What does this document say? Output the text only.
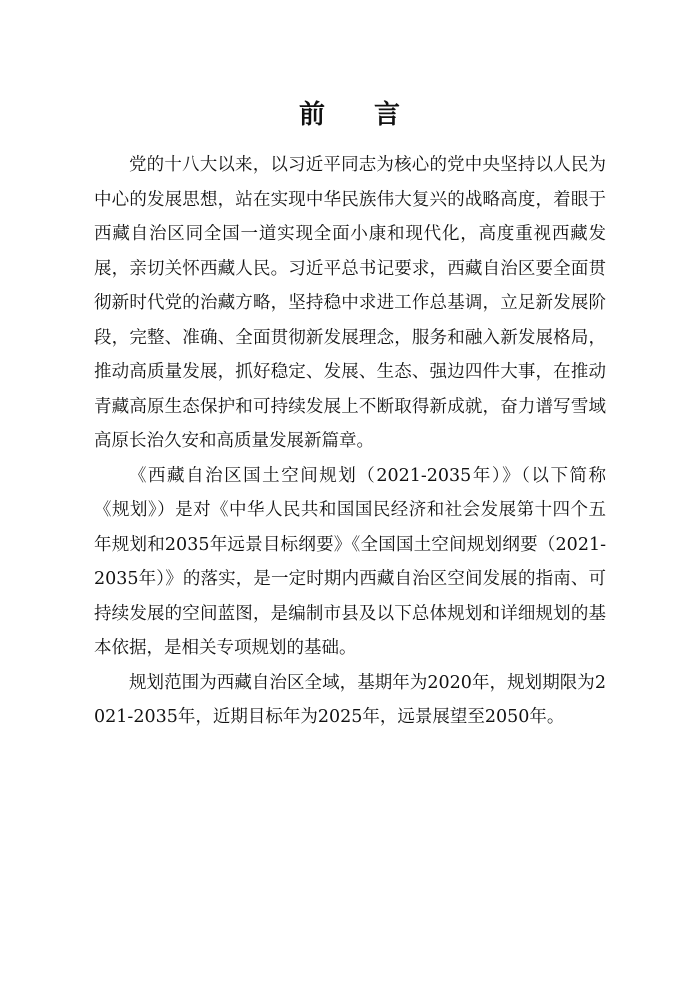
前 言

党的十八大以来，以习近平同志为核心的党中央坚持以人民为中心的发展思想，站在实现中华民族伟大复兴的战略高度，着眼于西藏自治区同全国一道实现全面小康和现代化，高度重视西藏发展，亲切关怀西藏人民。习近平总书记要求，西藏自治区要全面贯彻新时代党的治藏方略，坚持稳中求进工作总基调，立足新发展阶段，完整、准确、全面贯彻新发展理念，服务和融入新发展格局，推动高质量发展，抓好稳定、发展、生态、强边四件大事，在推动青藏高原生态保护和可持续发展上不断取得新成就，奋力谱写雪域高原长治久安和高质量发展新篇章。

《西藏自治区国土空间规划（2021-2035年）》（以下简称《规划》）是对《中华人民共和国国民经济和社会发展第十四个五年规划和2035年远景目标纲要》《全国国土空间规划纲要（2021-2035年）》的落实，是一定时期内西藏自治区空间发展的指南、可持续发展的空间蓝图，是编制市县及以下总体规划和详细规划的基本依据，是相关专项规划的基础。

规划范围为西藏自治区全域，基期年为2020年，规划期限为2021-2035年，近期目标年为2025年，远景展望至2050年。
